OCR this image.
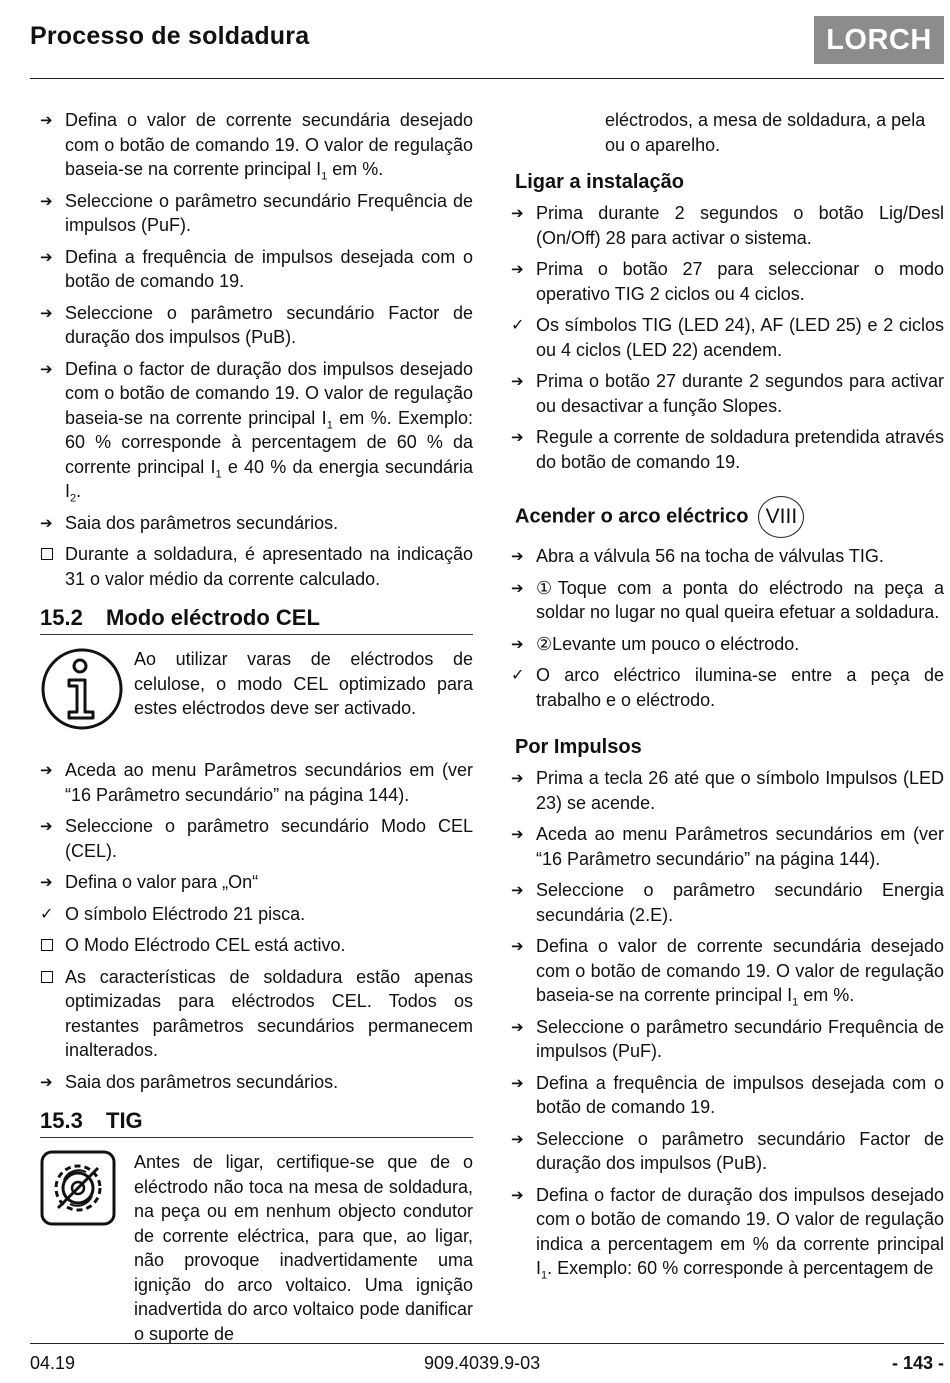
Processo de soldadura	LORCH
➔ Defina o valor de corrente secundária desejado com o botão de comando 19. O valor de regulação baseia-se na corrente principal $I_1$ em %.
➔ Seleccione o parâmetro secundário Frequência de impulsos (PuF).
➔ Defina a frequência de impulsos desejada com o botão de comando 19.
➔ Seleccione o parâmetro secundário Factor de duração dos impulsos (PuB).
➔ Defina o factor de duração dos impulsos desejado com o botão de comando 19. O valor de regulação baseia-se na corrente principal $I_1$ em %. Exemplo: 60 % corresponde à percentagem de 60 % da corrente principal $I_1$ e 40 % da energia secundária $I_2$.
➔ Saia dos parâmetros secundários.
Durante a soldadura, é apresentado na indicação 31 o valor médio da corrente calculado.
15.2	Modo eléctrodo CEL
Ao utilizar varas de eléctrodos de celulose, o modo CEL optimizado para estes eléctrodos deve ser activado.
➔ Aceda ao menu Parâmetros secundários em (ver “16 Parâmetro secundário” na página 144).
➔ Seleccione o parâmetro secundário Modo CEL (CEL).
➔ Defina o valor para „On“
✓ O símbolo Eléctrodo 21 pisca.
O Modo Eléctrodo CEL está activo.
As características de soldadura estão apenas optimizadas para eléctrodos CEL. Todos os restantes parâmetros secundários permanecem inalterados.
➔ Saia dos parâmetros secundários.
15.3	TIG
Antes de ligar, certifique-se que de o eléctrodo não toca na mesa de soldadura, na peça ou em nenhum objecto condutor de corrente eléctrica, para que, ao ligar, não provoque inadvertidamente uma ignição do arco voltaico. Uma ignição inadvertida do arco voltaico pode danificar o suporte de
eléctrodos, a mesa de soldadura, a pela ou o aparelho.
Ligar a instalação
➔ Prima durante 2 segundos o botão Lig/Desl (On/Off) 28 para activar o sistema.
➔ Prima o botão 27 para seleccionar o modo operativo TIG 2 ciclos ou 4 ciclos.
✓ Os símbolos TIG (LED 24), AF (LED 25) e 2 ciclos ou 4 ciclos (LED 22) acendem.
➔ Prima o botão 27 durante 2 segundos para activar ou desactivar a função Slopes.
➔ Regule a corrente de soldadura pretendida através do botão de comando 19.
Acender o arco eléctrico VIII
➔ Abra a válvula 56 na tocha de válvulas TIG.
➔ ①Toque com a ponta do eléctrodo na peça a soldar no lugar no qual queira efetuar a soldadura.
➔ ②Levante um pouco o eléctrodo.
✓ O arco eléctrico ilumina-se entre a peça de trabalho e o eléctrodo.
Por Impulsos
➔ Prima a tecla 26 até que o símbolo Impulsos (LED 23) se acende.
➔ Aceda ao menu Parâmetros secundários em (ver “16 Parâmetro secundário” na página 144).
➔ Seleccione o parâmetro secundário Energia secundária (2.E).
➔ Defina o valor de corrente secundária desejado com o botão de comando 19. O valor de regulação baseia-se na corrente principal $I_1$ em %.
➔ Seleccione o parâmetro secundário Frequência de impulsos (PuF).
➔ Defina a frequência de impulsos desejada com o botão de comando 19.
➔ Seleccione o parâmetro secundário Factor de duração dos impulsos (PuB).
➔ Defina o factor de duração dos impulsos desejado com o botão de comando 19. O valor de regulação indica a percentagem em % da corrente principal $I_1$. Exemplo: 60 % corresponde à percentagem de
04.19	909.4039.9-03	- 143 -
